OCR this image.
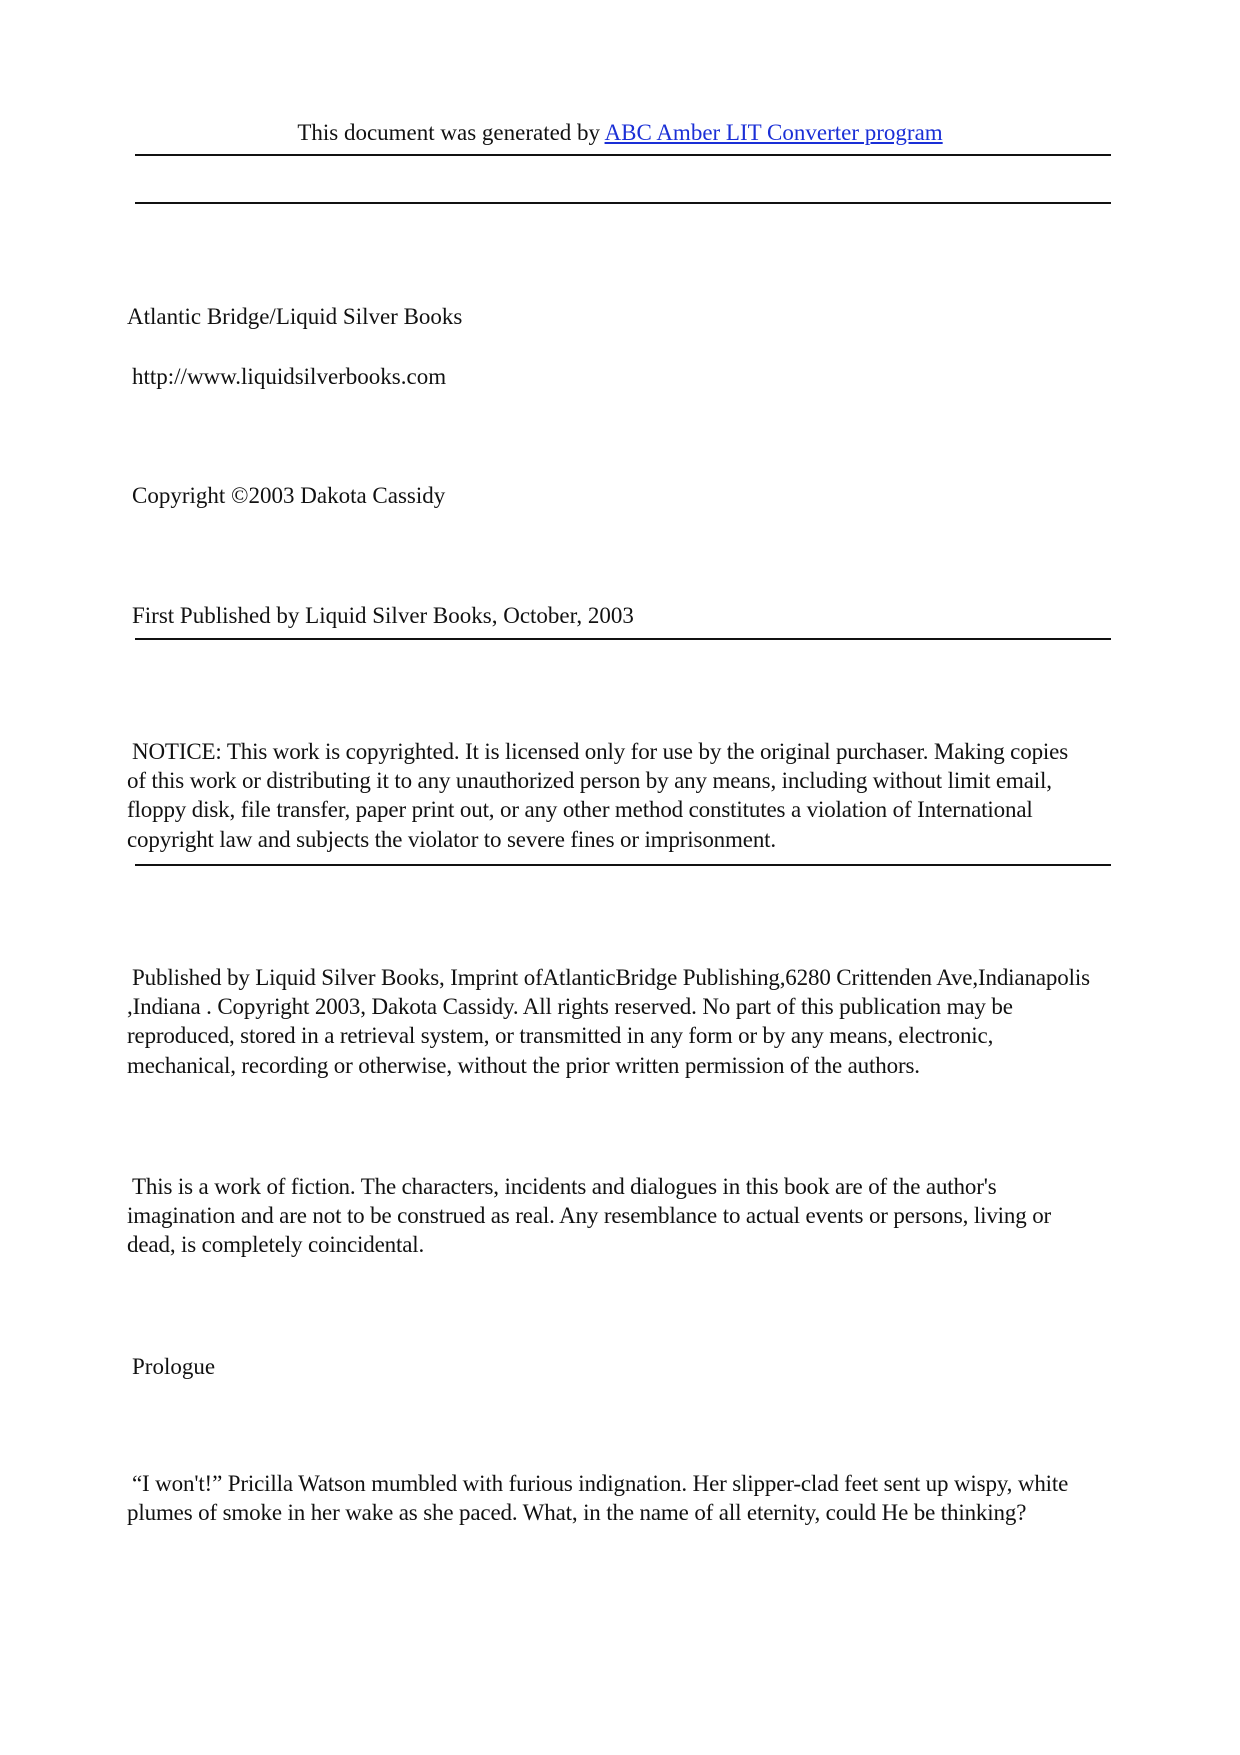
This document was generated by ABC Amber LIT Converter program
Atlantic Bridge/Liquid Silver Books
http://www.liquidsilverbooks.com
Copyright ©2003 Dakota Cassidy
First Published by Liquid Silver Books, October, 2003
NOTICE: This work is copyrighted. It is licensed only for use by the original purchaser. Making copies
of this work or distributing it to any unauthorized person by any means, including without limit email,
floppy disk, file transfer, paper print out, or any other method constitutes a violation of International
copyright law and subjects the violator to severe fines or imprisonment.
Published by Liquid Silver Books, Imprint ofAtlanticBridge Publishing,6280 Crittenden Ave,Indianapolis
,Indiana . Copyright 2003, Dakota Cassidy. All rights reserved. No part of this publication may be
reproduced, stored in a retrieval system, or transmitted in any form or by any means, electronic,
mechanical, recording or otherwise, without the prior written permission of the authors.
This is a work of fiction. The characters, incidents and dialogues in this book are of the author's
imagination and are not to be construed as real. Any resemblance to actual events or persons, living or
dead, is completely coincidental.
Prologue
“I won't!” Pricilla Watson mumbled with furious indignation. Her slipper-clad feet sent up wispy, white
plumes of smoke in her wake as she paced. What, in the name of all eternity, could He be thinking?
